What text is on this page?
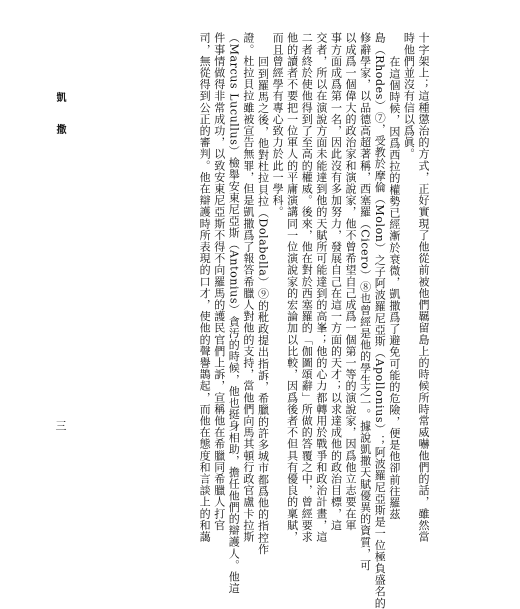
十字架上；這種懲治的方式，正好實現了他從前被他們羈留島上的時候所時常威嚇他們的話，雖然當
時他們並沒有信以爲眞。
在這個時候，因爲西拉的權勢已經漸於衰微，凱撒爲了避免可能的危險，便是他卻前往羅茲
島（Rhodes）⑦，受教於摩倫（Molon）之子阿波羅尼亞斯（Apollonius）；阿波羅尼亞斯是一位極負盛名的
修辭學家，以品德高超著稱，西塞羅（Cicero）⑧也曾經是他的學生之一。據說凱撒天賦優異的資質，可
以成爲一個偉大的政治家和演說家，他不曾希望自己成爲一個第一等的演說家，因爲他立志要在軍
事方面成爲第一名，因此沒有多加努力，發展自己在這一方面的天才；以求達成他的政治目標，這
交者，所以在演說方面未能達到他的天賦所可能達到的高峯；他的心力都轉用於戰爭和政治計畫，這
二者終於使他得到了至高的權威。後來，他在對於西塞羅的「伽圖頌辭」所做的答覆之中，曾經要求
他的讀者不要把一位軍人的平庸演講同一位演說家的宏論加以比較，因爲後者不但具有優良的稟賦，
而且曾經學有專心致力於此一學科。
回到羅馬之後，他對杜拉貝拉（Dolabella）⑨的秕政提出指訴，希臘的許多城市都爲他的指控作
證。杜拉貝拉雖被宣告無罪，但是凱撒爲了報答希臘人對他的支持，當他們向馬其頓行政官盧卡拉斯
（Marcus Lucullus）檢舉安東尼亞斯（Antonius）貪汚的時候，他也挺身相助，擔任他們的辯護人。他這
件事情做得非常成功，以致安東尼亞斯不得不向羅馬的護民官們上訴，宣稱他在希臘同希臘人打官
司，無從得到公正的審判。他在辯護時所表現的口才，使他的聲譽鵲起，而他在態度和言談上的和藹
凱撒
三
